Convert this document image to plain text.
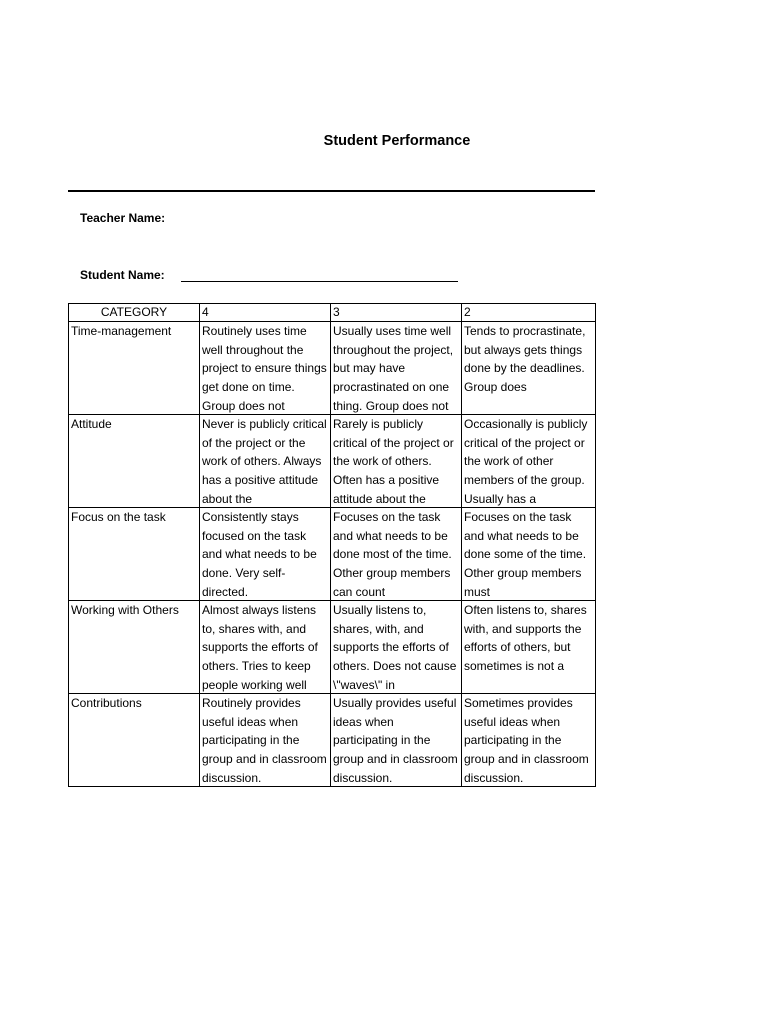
Student Performance
Teacher Name:
Student Name:
CATEGORY	4	3	2

Time-management	Routinely uses time well throughout the project to ensure things get done on time. Group does not	Usually uses time well throughout the project, but may have procrastinated on one thing. Group does not	Tends to procrastinate, but always gets things done by the deadlines. Group does

Attitude	Never is publicly critical of the project or the work of others. Always has a positive attitude about the	Rarely is publicly critical of the project or the work of others. Often has a positive attitude about the	Occasionally is publicly critical of the project or the work of other members of the group. Usually has a

Focus on the task	Consistently stays focused on the task and what needs to be done. Very self-directed.	Focuses on the task and what needs to be done most of the time. Other group members can count	Focuses on the task and what needs to be done some of the time. Other group members must

Working with Others	Almost always listens to, shares with, and supports the efforts of others. Tries to keep people working well	Usually listens to, shares, with, and supports the efforts of others. Does not cause \"waves\" in	Often listens to, shares with, and supports the efforts of others, but sometimes is not a

Contributions	Routinely provides useful ideas when participating in the group and in classroom discussion.	Usually provides useful ideas when participating in the group and in classroom discussion.	Sometimes provides useful ideas when participating in the group and in classroom discussion.
